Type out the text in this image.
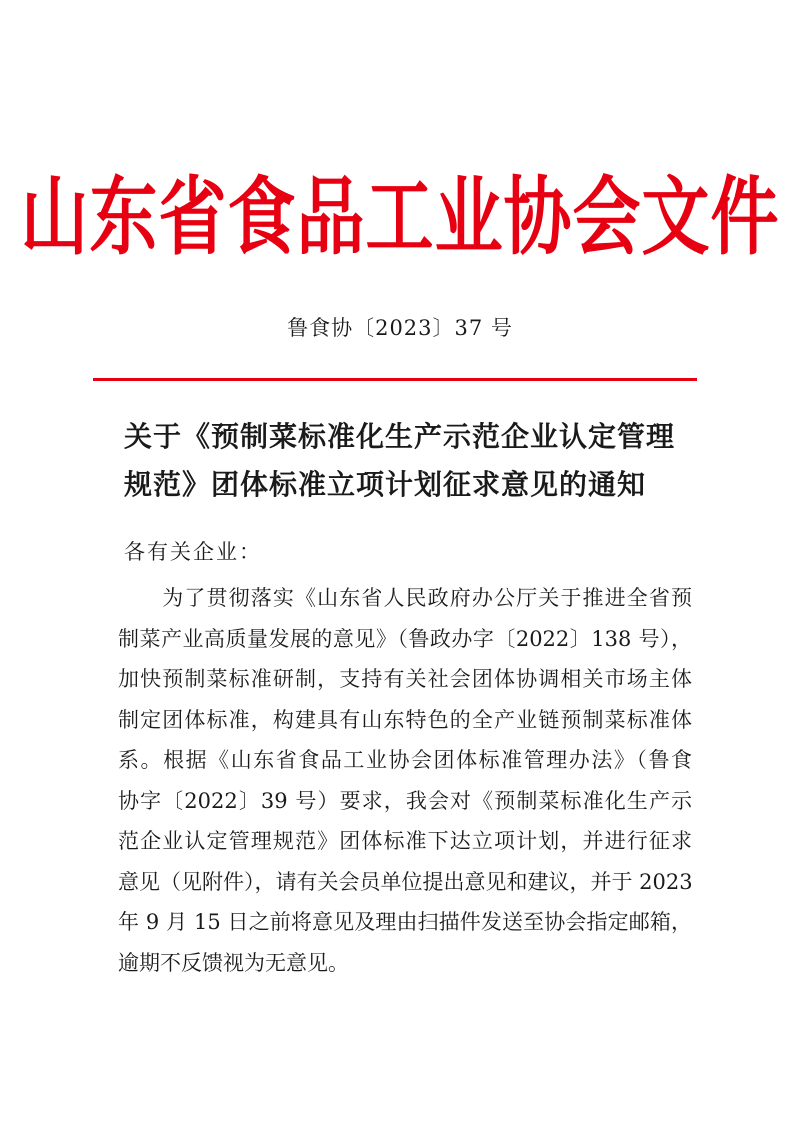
山东省食品工业协会文件
鲁食协〔2023〕37 号
关于《预制菜标准化生产示范企业认定管理
规范》团体标准立项计划征求意见的通知
各有关企业：
　　为了贯彻落实《山东省人民政府办公厅关于推进全省预
制菜产业高质量发展的意见》（鲁政办字〔2022〕138 号），
加快预制菜标准研制，支持有关社会团体协调相关市场主体
制定团体标准，构建具有山东特色的全产业链预制菜标准体
系。根据《山东省食品工业协会团体标准管理办法》（鲁食
协字〔2022〕39 号）要求，我会对《预制菜标准化生产示
范企业认定管理规范》团体标准下达立项计划，并进行征求
意见（见附件），请有关会员单位提出意见和建议，并于 2023
年 9 月 15 日之前将意见及理由扫描件发送至协会指定邮箱，
逾期不反馈视为无意见。
